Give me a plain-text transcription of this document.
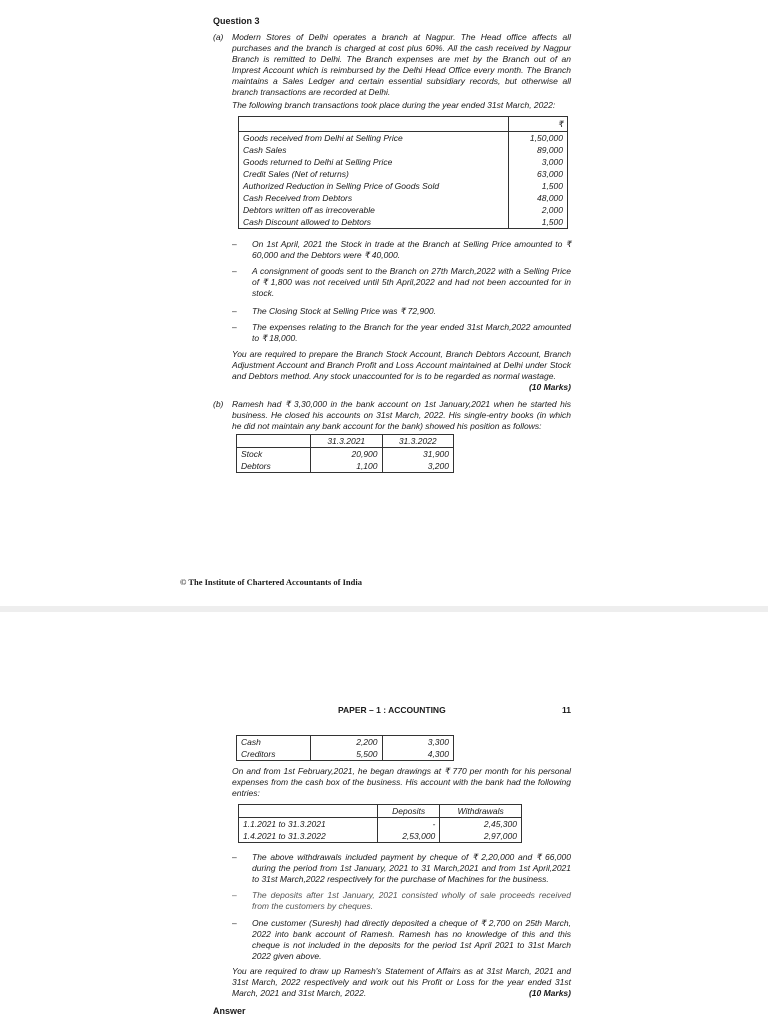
Question 3
(a) Modern Stores of Delhi operates a branch at Nagpur. The Head office affects all purchases and the branch is charged at cost plus 60%. All the cash received by Nagpur Branch is remitted to Delhi. The Branch expenses are met by the Branch out of an Imprest Account which is reimbursed by the Delhi Head Office every month. The Branch maintains a Sales Ledger and certain essential subsidiary records, but otherwise all branch transactions are recorded at Delhi.

The following branch transactions took place during the year ended 31st March, 2022:

	₹
Goods received from Delhi at Selling Price	1,50,000
Cash Sales	89,000
Goods returned to Delhi at Selling Price	3,000
Credit Sales (Net of returns)	63,000
Authorized Reduction in Selling Price of Goods Sold	1,500
Cash Received from Debtors	48,000
Debtors written off as irrecoverable	2,000
Cash Discount allowed to Debtors	1,500
– On 1st April, 2021 the Stock in trade at the Branch at Selling Price amounted to ₹ 60,000 and the Debtors were ₹ 40,000.
– A consignment of goods sent to the Branch on 27th March,2022 with a Selling Price of ₹ 1,800 was not received until 5th April,2022 and had not been accounted for in stock.
– The Closing Stock at Selling Price was ₹ 72,900.
– The expenses relating to the Branch for the year ended 31st March,2022 amounted to ₹ 18,000.

You are required to prepare the Branch Stock Account, Branch Debtors Account, Branch Adjustment Account and Branch Profit and Loss Account maintained at Delhi under Stock and Debtors method. Any stock unaccounted for is to be regarded as normal wastage.

(10 Marks)

(b) Ramesh had ₹ 3,30,000 in the bank account on 1st January,2021 when he started his business. He closed his accounts on 31st March, 2022. His single-entry books (in which he did not maintain any bank account for the bank) showed his position as follows:
	31.3.2021	31.3.2022
Stock	20,900	31,900
Debtors	1,100	3,200
© The Institute of Chartered Accountants of India
PAPER – 1 : ACCOUNTING	11
Cash	2,200	3,300
Creditors	5,500	4,300
On and from 1st February,2021, he began drawings at ₹ 770 per month for his personal expenses from the cash box of the business. His account with the bank had the following entries:
	Deposits	Withdrawals
1.1.2021 to 31.3.2021	-	2,45,300
1.4.2021 to 31.3.2022	2,53,000	2,97,000
– The above withdrawals included payment by cheque of ₹ 2,20,000 and ₹ 66,000 during the period from 1st January, 2021 to 31 March,2021 and from 1st April,2021 to 31st March,2022 respectively for the purchase of Machines for the business.
– The deposits after 1st January, 2021 consisted wholly of sale proceeds received from the customers by cheques.
– One customer (Suresh) had directly deposited a cheque of ₹ 2,700 on 25th March, 2022 into bank account of Ramesh. Ramesh has no knowledge of this and this cheque is not included in the deposits for the period 1st April 2021 to 31st March 2022 given above.

You are required to draw up Ramesh's Statement of Affairs as at 31st March, 2021 and 31st March, 2022 respectively and work out his Profit or Loss for the year ended 31st March, 2021 and 31st March, 2022.	(10 Marks)

Answer
